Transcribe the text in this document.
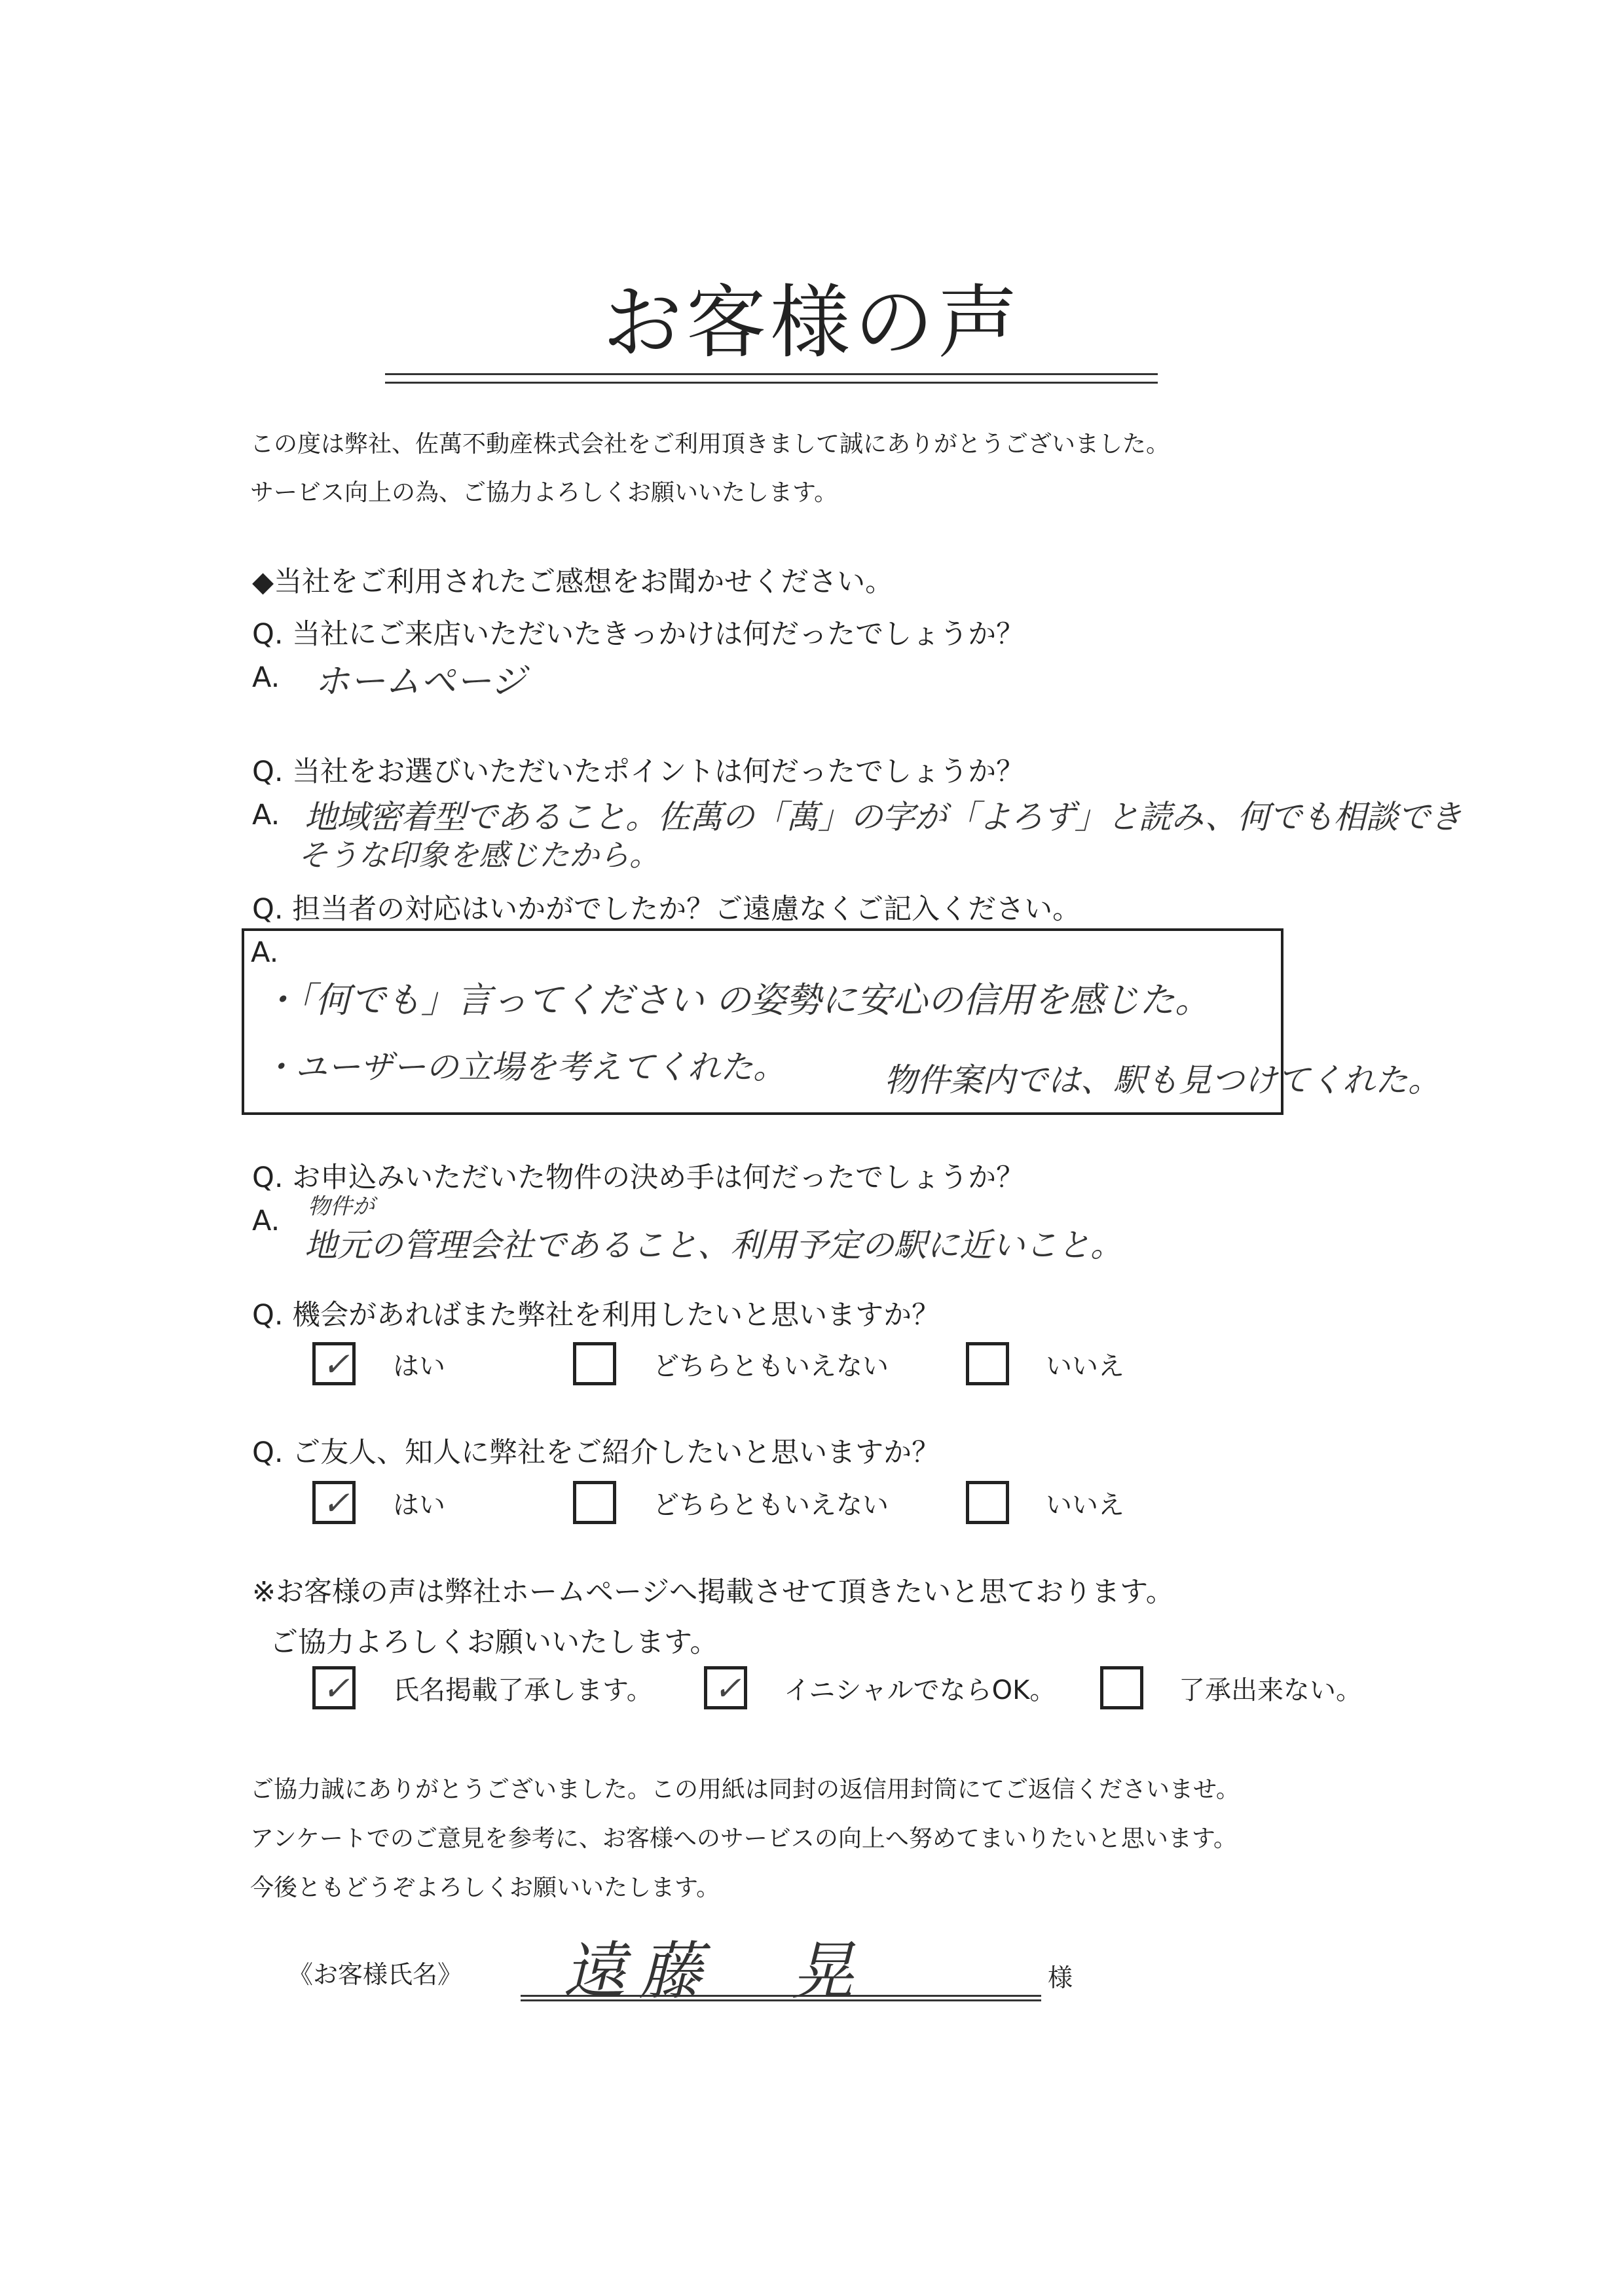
お客様の声
この度は弊社、佐萬不動産株式会社をご利用頂きまして誠にありがとうございました。
サービス向上の為、ご協力よろしくお願いいたします。
◆当社をご利用されたご感想をお聞かせください。
Q. 当社にご来店いただいたきっかけは何だったでしょうか？
A. ホームページ
Q. 当社をお選びいただいたポイントは何だったでしょうか？
A. 地域密着型であること。佐萬の「萬」の字が「よろず」と読み、何でも相談でき
そうな印象を感じたから。
Q. 担当者の対応はいかがでしたか？ご遠慮なくご記入ください。
A.
・「何でも」言ってください の姿勢に安心の信用を感じた。
・ユーザーの立場を考えてくれた。	物件案内では、駅も見つけてくれた。
Q. お申込みいただいた物件の決め手は何だったでしょうか？
A. 物件が
地元の管理会社であること、利用予定の駅に近いこと。
Q. 機会があればまた弊社を利用したいと思いますか？
✓ はい	どちらともいえない	いいえ
Q. ご友人、知人に弊社をご紹介したいと思いますか？
✓ はい	どちらともいえない	いいえ
※お客様の声は弊社ホームページへ掲載させて頂きたいと思ております。
ご協力よろしくお願いいたします。
✓ 氏名掲載了承します。 ✓ イニシャルでならOK。	了承出来ない。
ご協力誠にありがとうございました。この用紙は同封の返信用封筒にてご返信くださいませ。
アンケートでのご意見を参考に、お客様へのサービスの向上へ努めてまいりたいと思います。
今後ともどうぞよろしくお願いいたします。
《お客様氏名》 遠藤　晃	様
